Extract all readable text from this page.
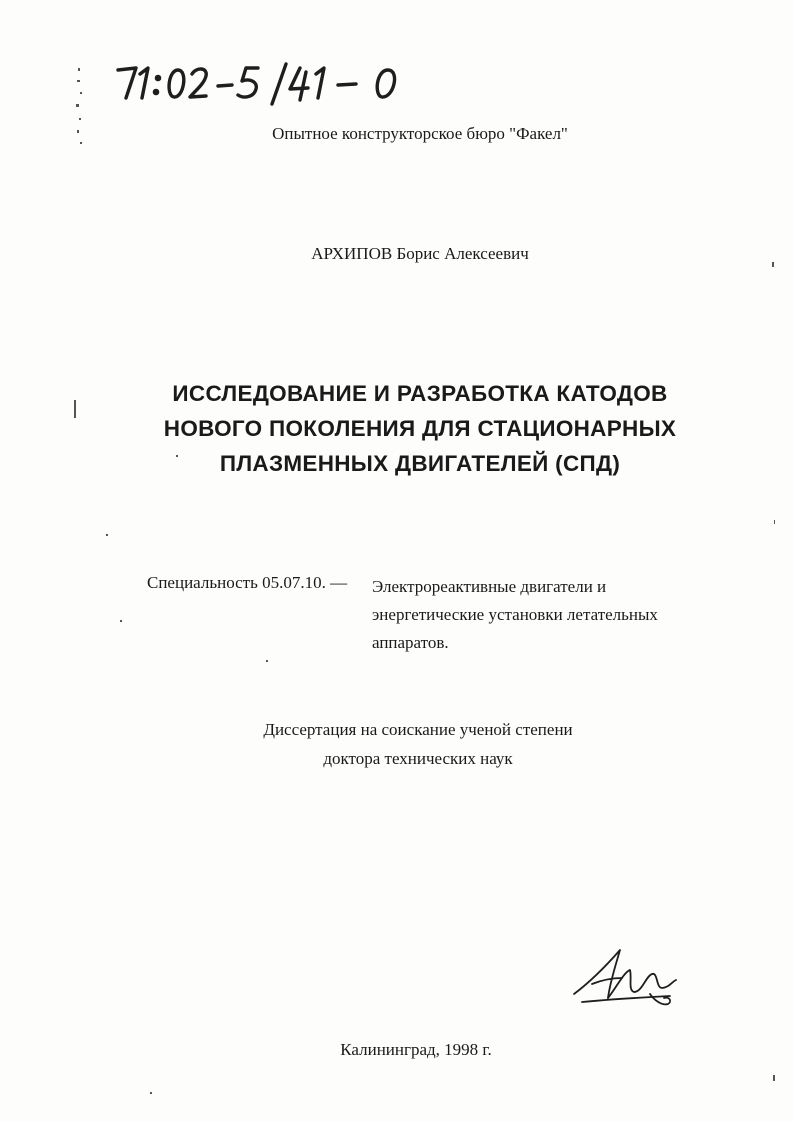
Опытное конструкторское бюро "Факел"
АРХИПОВ Борис Алексеевич
ИССЛЕДОВАНИЕ И РАЗРАБОТКА КАТОДОВ
НОВОГО ПОКОЛЕНИЯ ДЛЯ СТАЦИОНАРНЫХ
ПЛАЗМЕННЫХ ДВИГАТЕЛЕЙ (СПД)
Специальность 05.07.10. — Электрореактивные двигатели и
энергетические установки летательных
аппаратов.
Диссертация на соискание ученой степени
доктора технических наук
Калининград, 1998 г.
